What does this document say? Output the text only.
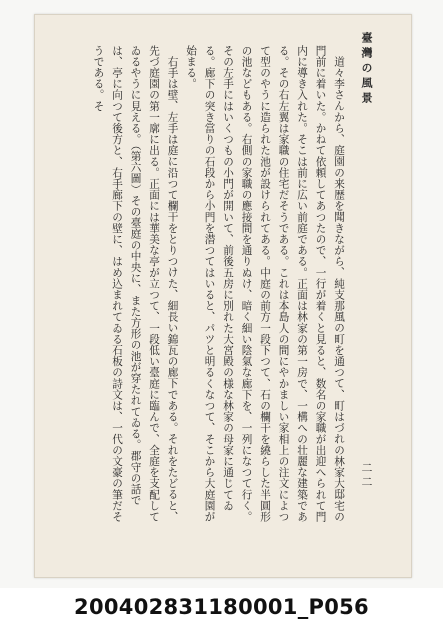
臺灣の風景
二二

道々李さんから、庭園の来歴を聞きながら、純支那風の町を通つて、町はづれの林家大邸宅の門前に着いた。かねて依頼してあつたので、一行が着くと見ると、数名の家職が出迎へられて門内に導き入れた。そこは前に広い前庭である。正面は林家の第一房で、一構への壮麗な建築である。その右左翼は家職の住宅だそうである。これは本島人の間にやかましい家相上の注文によつて型のやうに造られた池が設けられてある。中庭の前方一段下つて、石の欄干を繞らした半圓形の池などもある。右側の家職の應接間を通りぬけ、暗く細い陰氣な廊下を、一列になつて行く。その左手にはいくつもの小門が開いて、前後五房に別れた大宮殿の様な林家の母家に通じてゐる。廊下の突き當りの石段から小門を潜つてはいると、パツと明るくなつて、そこから大庭園が始まる。

右手は壁、左手は庭に沿つて欄干をとりつけた、細長い錦瓦の廊下である。それをたどると、先づ庭園の第一廓に出る。正面には華美な亭が立つて、一段低い臺庭に臨んで、全庭を支配してゐるやうに見える。（第六圖）その臺庭の中央に、また方形の池が穿たれてゐる。郡守の話では、亭に向つて後方と、右手廊下の壁に、はめ込まれてゐる石板の詩文は、一代の文豪の筆だそうである。そ

200402831180001_P056
